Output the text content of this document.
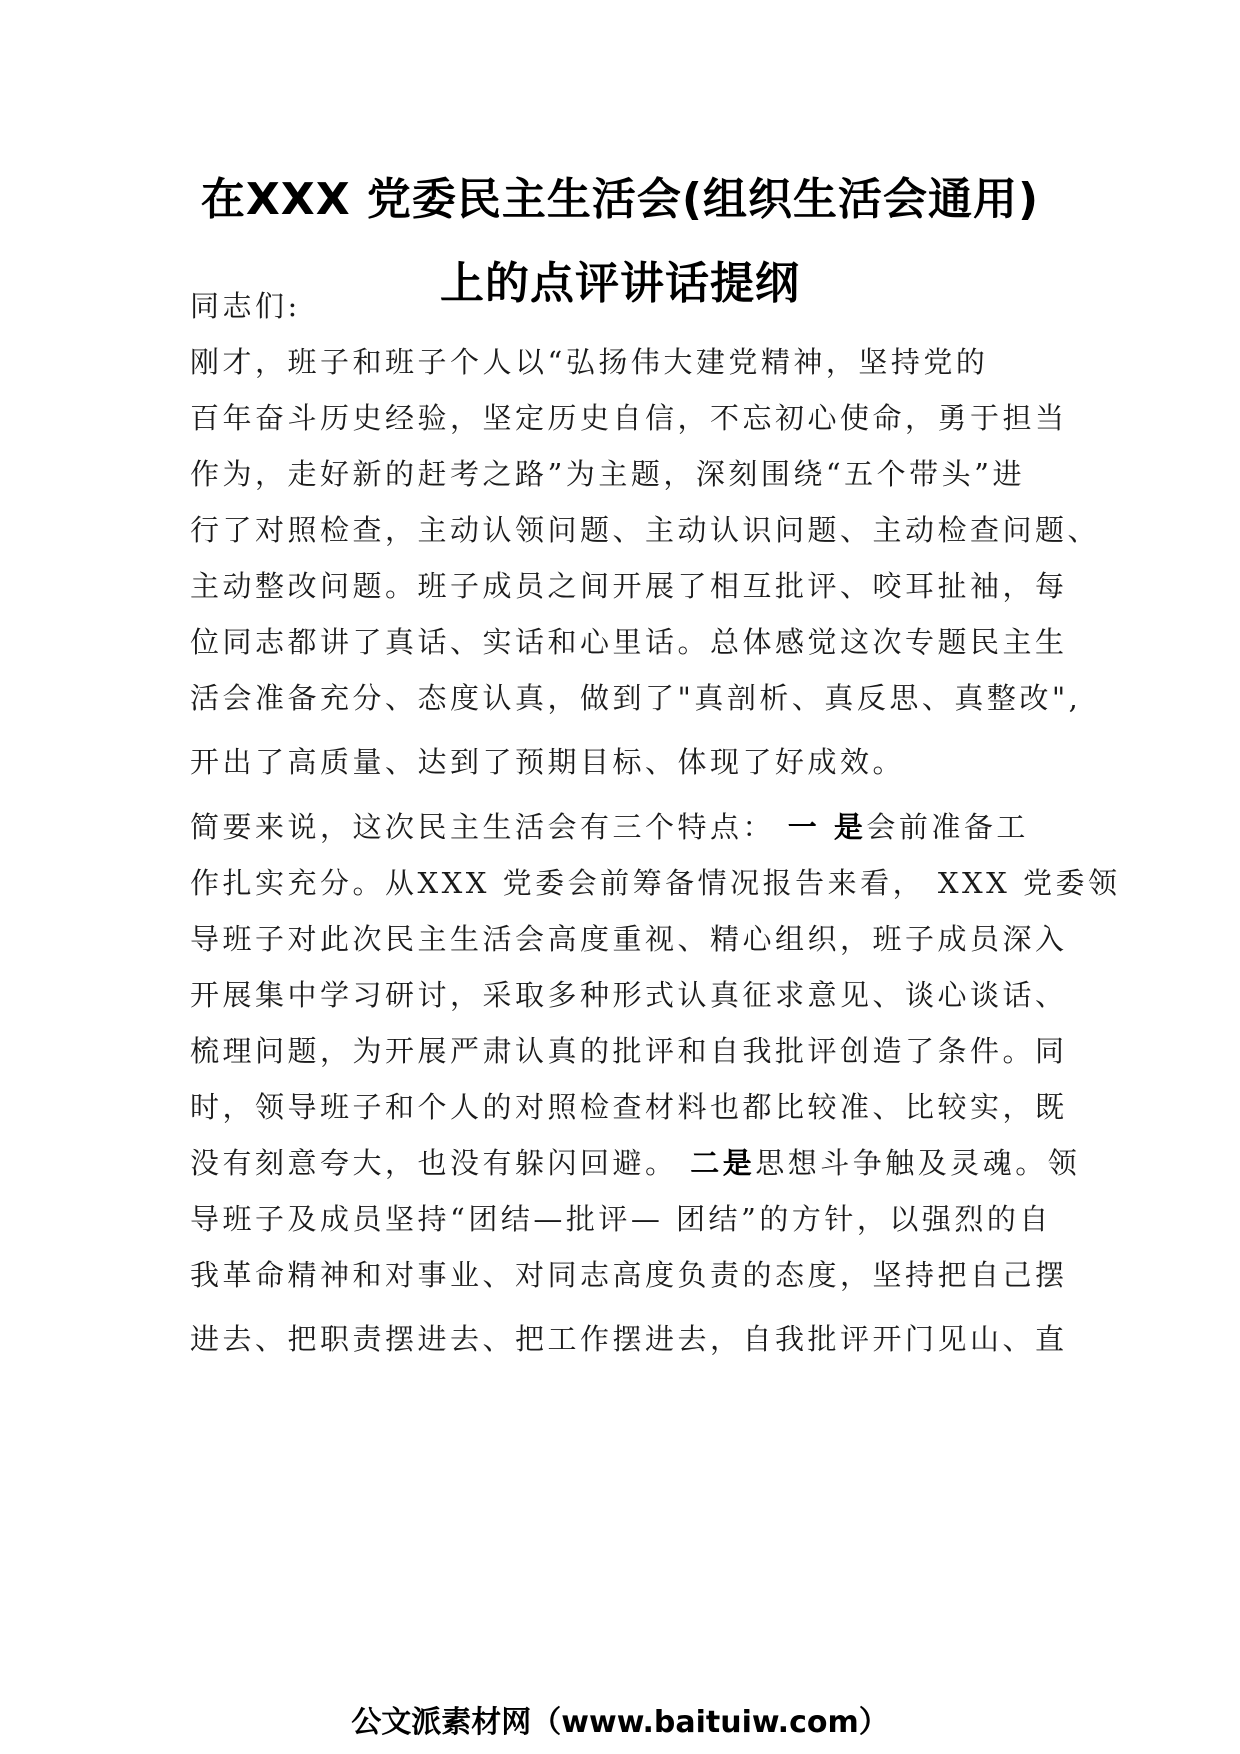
在XXX 党委民主生活会(组织生活会通用)
上的点评讲话提纲
同志们:
刚才，班子和班子个人以“弘扬伟大建党精神，坚持党的
百年奋斗历史经验，坚定历史自信，不忘初心使命，勇于担当
作为，走好新的赶考之路”为主题，深刻围绕“五个带头”进
行了对照检查，主动认领问题、主动认识问题、主动检查问题、
主动整改问题。班子成员之间开展了相互批评、咬耳扯袖，每
位同志都讲了真话、实话和心里话。总体感觉这次专题民主生
活会准备充分、态度认真，做到了"真剖析、真反思、真整改",
开出了高质量、达到了预期目标、体现了好成效。
简要来说，这次民主生活会有三个特点： 一 是会前准备工
作扎实充分。从XXX 党委会前筹备情况报告来看， XXX 党委领
导班子对此次民主生活会高度重视、精心组织，班子成员深入
开展集中学习研讨，采取多种形式认真征求意见、谈心谈话、
梳理问题，为开展严肃认真的批评和自我批评创造了条件。同
时，领导班子和个人的对照检查材料也都比较准、比较实，既
没有刻意夸大，也没有躲闪回避。 二是思想斗争触及灵魂。领
导班子及成员坚持“团结—批评— 团结”的方针，以强烈的自
我革命精神和对事业、对同志高度负责的态度，坚持把自己摆
进去、把职责摆进去、把工作摆进去，自我批评开门见山、直
公文派素材网（www.baituiw.com）
